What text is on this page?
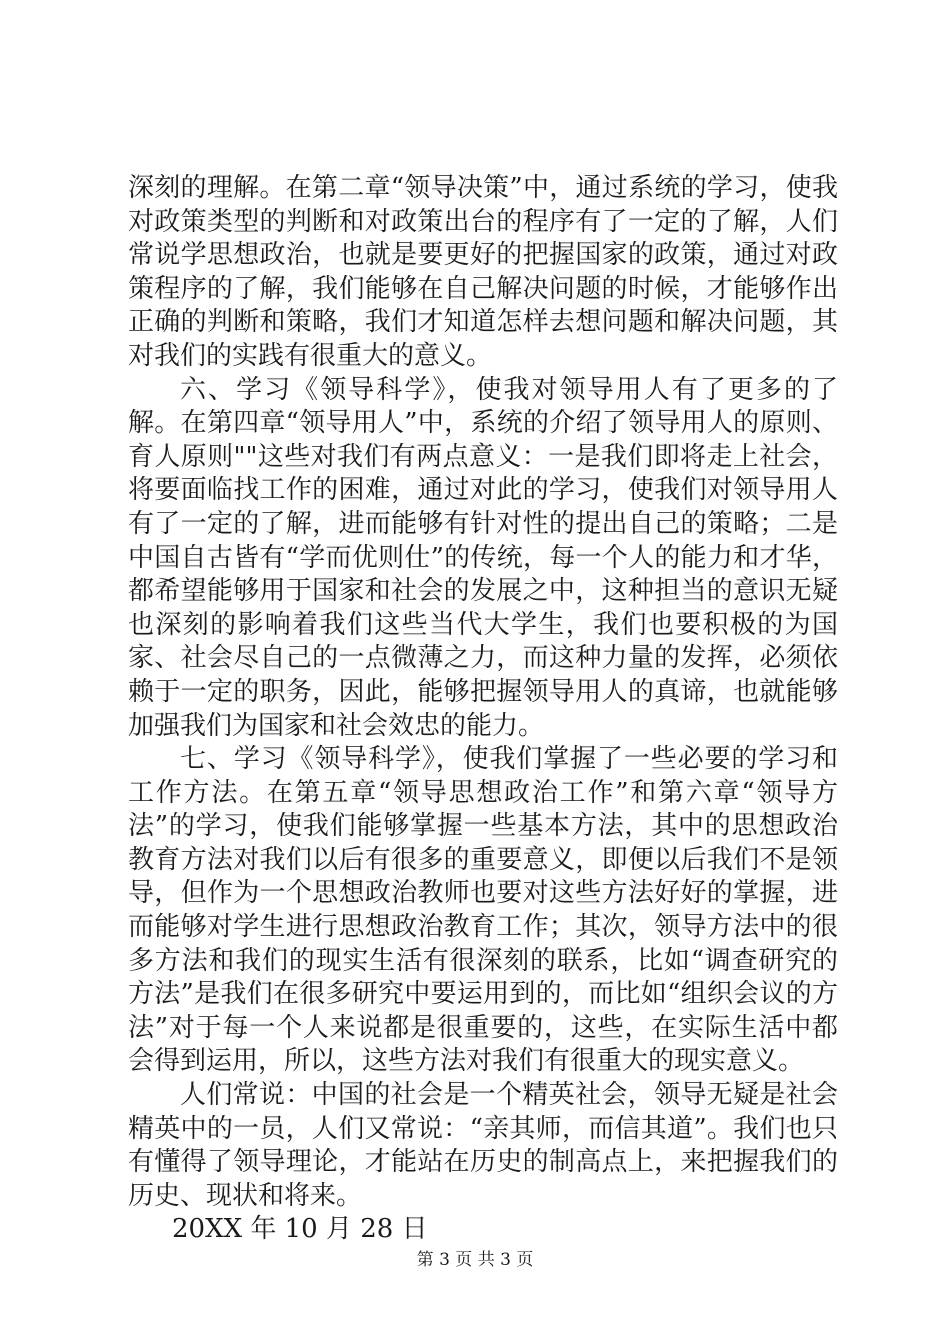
深刻的理解。在第二章“领导决策”中，通过系统的学习，使我对政策类型的判断和对政策出台的程序有了一定的了解，人们常说学思想政治，也就是要更好的把握国家的政策，通过对政策程序的了解，我们能够在自己解决问题的时候，才能够作出正确的判断和策略，我们才知道怎样去想问题和解决问题，其对我们的实践有很重大的意义。

六、学习《领导科学》，使我对领导用人有了更多的了解。在第四章“领导用人”中，系统的介绍了领导用人的原则、育人原则""这些对我们有两点意义：一是我们即将走上社会，将要面临找工作的困难，通过对此的学习，使我们对领导用人有了一定的了解，进而能够有针对性的提出自己的策略；二是中国自古皆有“学而优则仕”的传统，每一个人的能力和才华，都希望能够用于国家和社会的发展之中，这种担当的意识无疑也深刻的影响着我们这些当代大学生，我们也要积极的为国家、社会尽自己的一点微薄之力，而这种力量的发挥，必须依赖于一定的职务，因此，能够把握领导用人的真谛，也就能够加强我们为国家和社会效忠的能力。

七、学习《领导科学》，使我们掌握了一些必要的学习和工作方法。在第五章“领导思想政治工作”和第六章“领导方法”的学习，使我们能够掌握一些基本方法，其中的思想政治教育方法对我们以后有很多的重要意义，即便以后我们不是领导，但作为一个思想政治教师也要对这些方法好好的掌握，进而能够对学生进行思想政治教育工作；其次，领导方法中的很多方法和我们的现实生活有很深刻的联系，比如“调查研究的方法”是我们在很多研究中要运用到的，而比如“组织会议的方法”对于每一个人来说都是很重要的，这些，在实际生活中都会得到运用，所以，这些方法对我们有很重大的现实意义。

人们常说：中国的社会是一个精英社会，领导无疑是社会精英中的一员，人们又常说：“亲其师，而信其道”。我们也只有懂得了领导理论，才能站在历史的制高点上，来把握我们的历史、现状和将来。

20XX 年 10 月 28 日

第 3 页 共 3 页
